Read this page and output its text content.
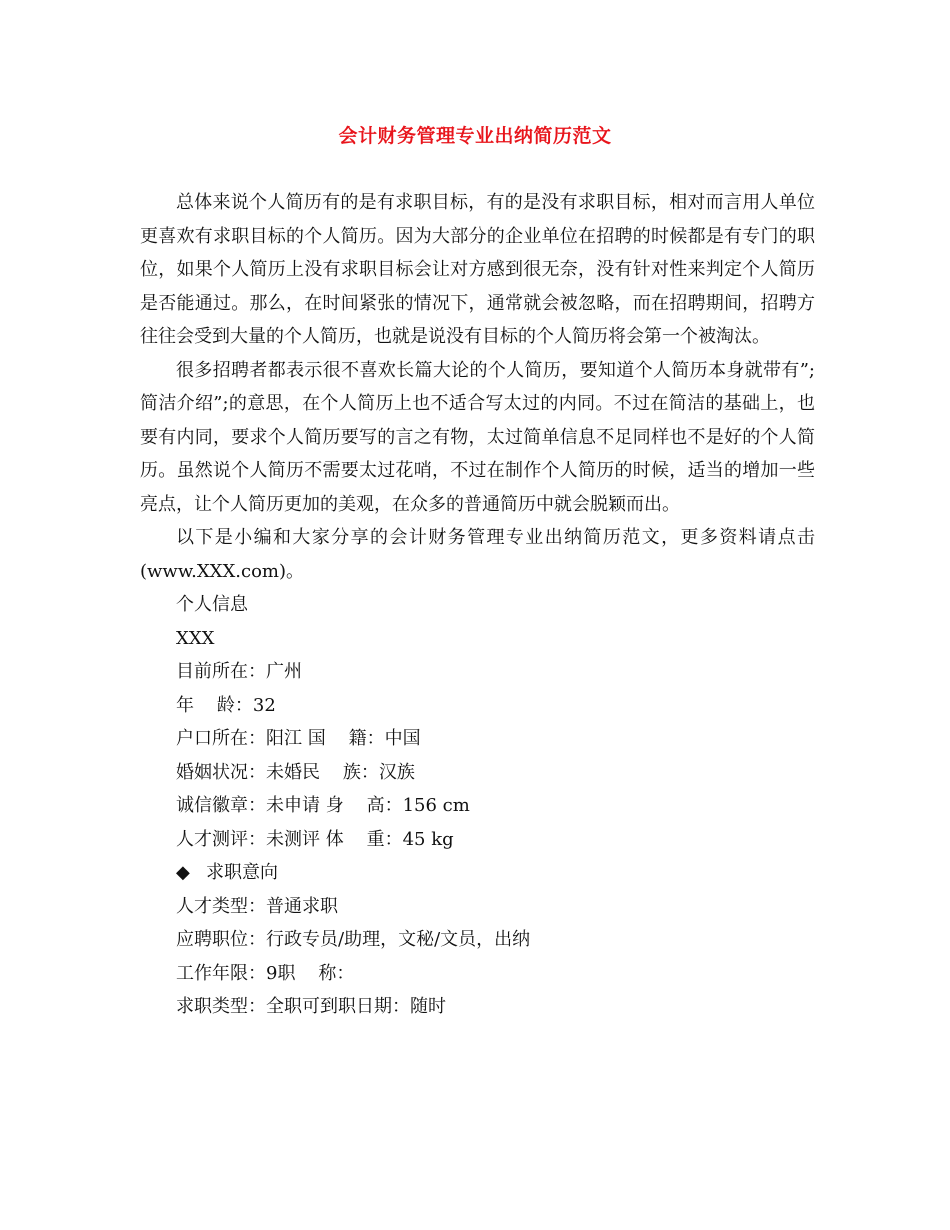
会计财务管理专业出纳简历范文

总体来说个人简历有的是有求职目标，有的是没有求职目标，相对而言用人单位更喜欢有求职目标的个人简历。因为大部分的企业单位在招聘的时候都是有专门的职位，如果个人简历上没有求职目标会让对方感到很无奈，没有针对性来判定个人简历是否能通过。那么，在时间紧张的情况下，通常就会被忽略，而在招聘期间，招聘方往往会受到大量的个人简历，也就是说没有目标的个人简历将会第一个被淘汰。

很多招聘者都表示很不喜欢长篇大论的个人简历，要知道个人简历本身就带有”;简洁介绍”;的意思，在个人简历上也不适合写太过的内同。不过在简洁的基础上，也要有内同，要求个人简历要写的言之有物，太过简单信息不足同样也不是好的个人简历。虽然说个人简历不需要太过花哨，不过在制作个人简历的时候，适当的增加一些亮点，让个人简历更加的美观，在众多的普通简历中就会脱颖而出。

以下是小编和大家分享的会计财务管理专业出纳简历范文，更多资料请点击(www.XXX.com)。

个人信息
XXX
目前所在：广州
年    龄：32
户口所在：阳江 国    籍：中国
婚姻状况：未婚民    族：汉族
诚信徽章：未申请 身    高：156 cm
人才测评：未测评 体    重：45 kg
◆ 求职意向
人才类型：普通求职
应聘职位：行政专员/助理，文秘/文员，出纳
工作年限：9职    称：
求职类型：全职可到职日期：随时
